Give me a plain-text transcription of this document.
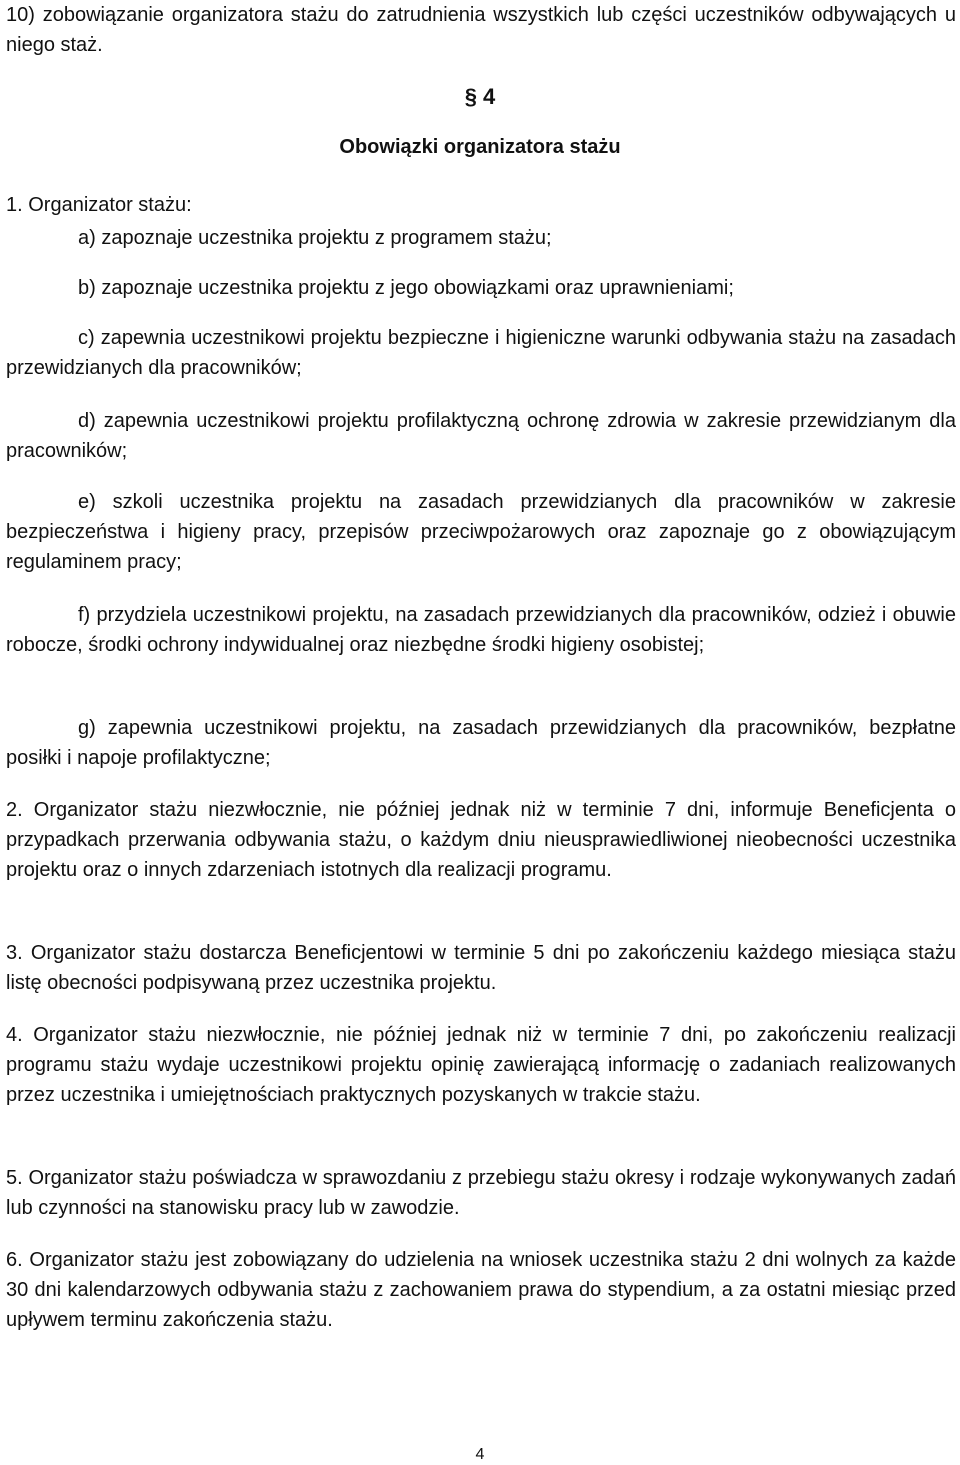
10) zobowiązanie organizatora stażu do zatrudnienia wszystkich lub części uczestników odbywających u niego staż.

§ 4
Obowiązki organizatora stażu

1. Organizator stażu:

a) zapoznaje uczestnika projektu z programem stażu;

b) zapoznaje uczestnika projektu z jego obowiązkami oraz uprawnieniami;

c) zapewnia uczestnikowi projektu bezpieczne i higieniczne warunki odbywania stażu na zasadach przewidzianych dla pracowników;

d) zapewnia uczestnikowi projektu profilaktyczną ochronę zdrowia w zakresie przewidzianym dla pracowników;

e) szkoli uczestnika projektu na zasadach przewidzianych dla pracowników w zakresie bezpieczeństwa i higieny pracy, przepisów przeciwpożarowych oraz zapoznaje go z obowiązującym regulaminem pracy;

f) przydziela uczestnikowi projektu, na zasadach przewidzianych dla pracowników, odzież i obuwie robocze, środki ochrony indywidualnej oraz niezbędne środki higieny osobistej;

g) zapewnia uczestnikowi projektu, na zasadach przewidzianych dla pracowników, bezpłatne posiłki i napoje profilaktyczne;

2. Organizator stażu niezwłocznie, nie później jednak niż w terminie 7 dni, informuje Beneficjenta o przypadkach przerwania odbywania stażu, o każdym dniu nieusprawiedliwionej nieobecności uczestnika projektu oraz o innych zdarzeniach istotnych dla realizacji programu.

3. Organizator stażu dostarcza Beneficjentowi w terminie 5 dni po zakończeniu każdego miesiąca stażu listę obecności podpisywaną przez uczestnika projektu.

4. Organizator stażu niezwłocznie, nie później jednak niż w terminie 7 dni, po zakończeniu realizacji programu stażu wydaje uczestnikowi projektu opinię zawierającą informację o zadaniach realizowanych przez uczestnika i umiejętnościach praktycznych pozyskanych w trakcie stażu.

5. Organizator stażu poświadcza w sprawozdaniu z przebiegu stażu okresy i rodzaje wykonywanych zadań lub czynności na stanowisku pracy lub w zawodzie.

6. Organizator stażu jest zobowiązany do udzielenia na wniosek uczestnika stażu 2 dni wolnych za każde 30 dni kalendarzowych odbywania stażu z zachowaniem prawa do stypendium, a za ostatni miesiąc przed upływem terminu zakończenia stażu.

4
